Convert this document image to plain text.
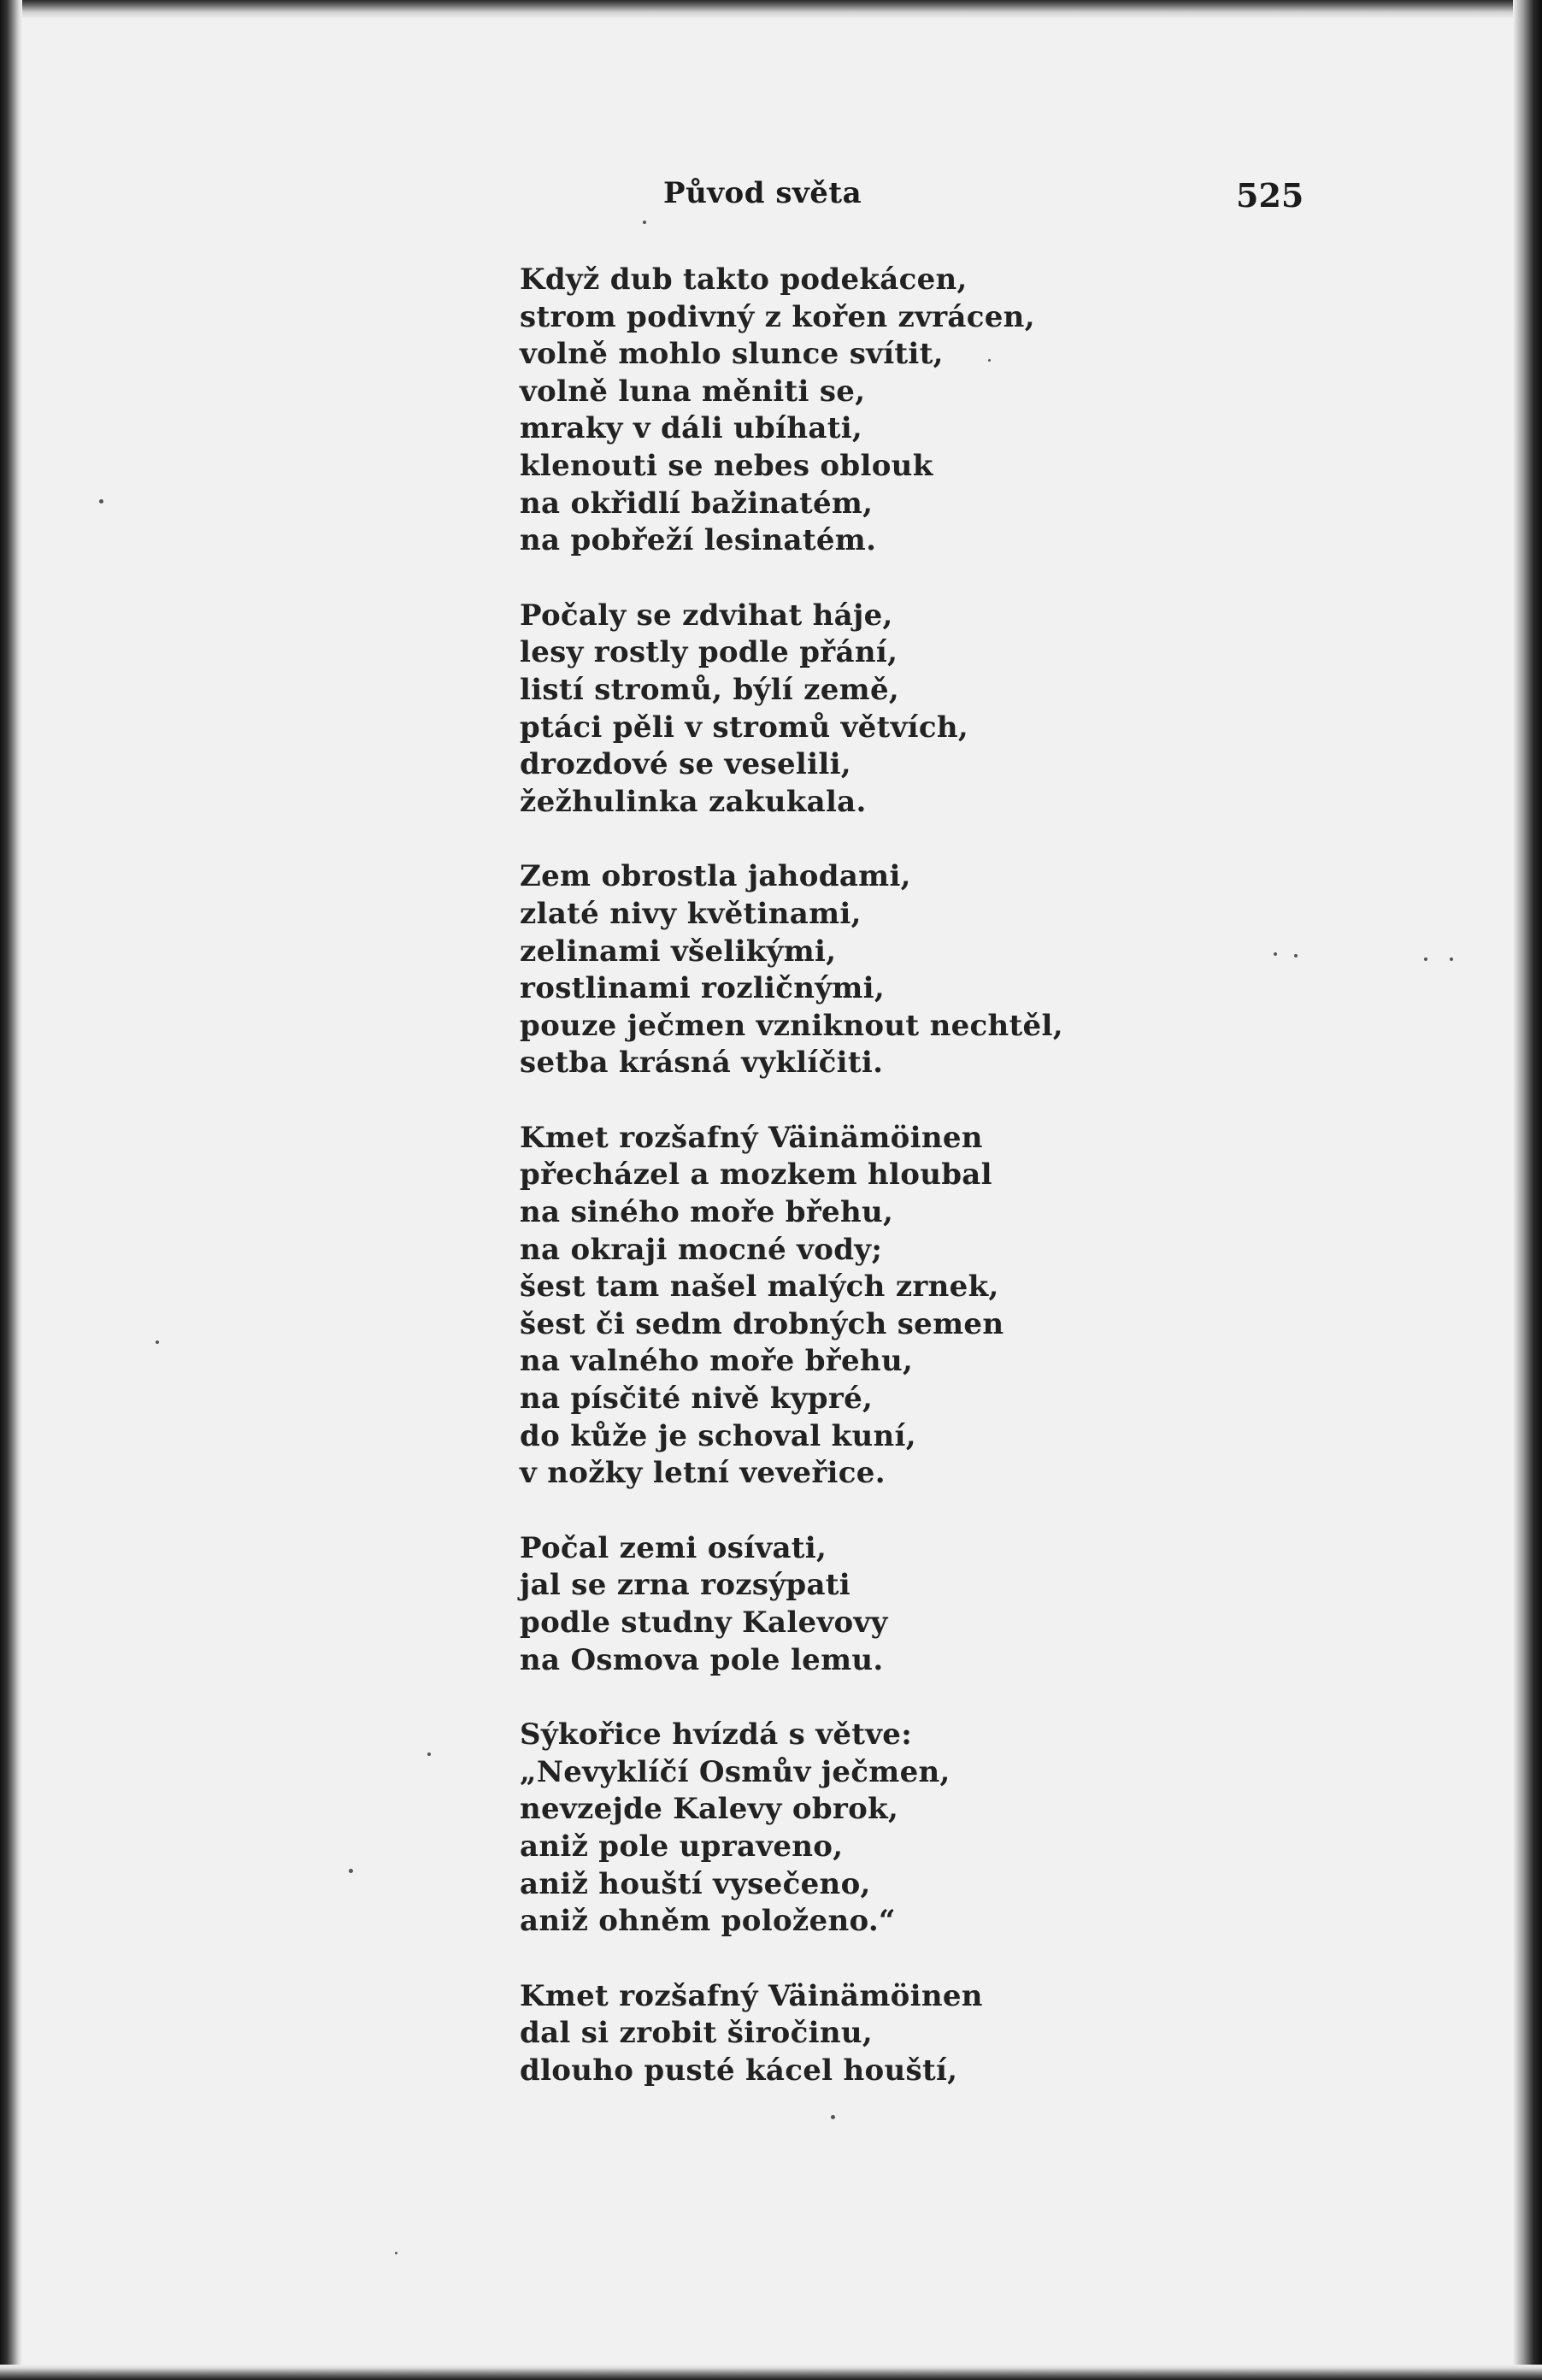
Původ světa	525
Když dub takto podekácen,
strom podivný z kořen zvrácen,
volně mohlo slunce svítit,
volně luna měniti se,
mraky v dáli ubíhati,
klenouti se nebes oblouk
na okřidlí bažinatém,
na pobřeží lesinatém.
Počaly se zdvihat háje,
lesy rostly podle přání,
listí stromů, býlí země,
ptáci pěli v stromů větvích,
drozdové se veselili,
žežhulinka zakukala.
Zem obrostla jahodami,
zlaté nivy květinami,
zelinami všelikými,
rostlinami rozličnými,
pouze ječmen vzniknout nechtěl,
setba krásná vyklíčiti.
Kmet rozšafný Väinämöinen
přecházel a mozkem hloubal
na siného moře břehu,
na okraji mocné vody;
šest tam našel malých zrnek,
šest či sedm drobných semen
na valného moře břehu,
na písčité nivě kypré,
do kůže je schoval kuní,
v nožky letní veveřice.
Počal zemi osívati,
jal se zrna rozsýpati
podle studny Kalevovy
na Osmova pole lemu.
Sýkořice hvízdá s větve:
„Nevyklíčí Osmův ječmen,
nevzejde Kalevy obrok,
aniž pole upraveno,
aniž houští vysečeno,
aniž ohněm položeno.“
Kmet rozšafný Väinämöinen
dal si zrobit širočinu,
dlouho pusté kácel houští,
